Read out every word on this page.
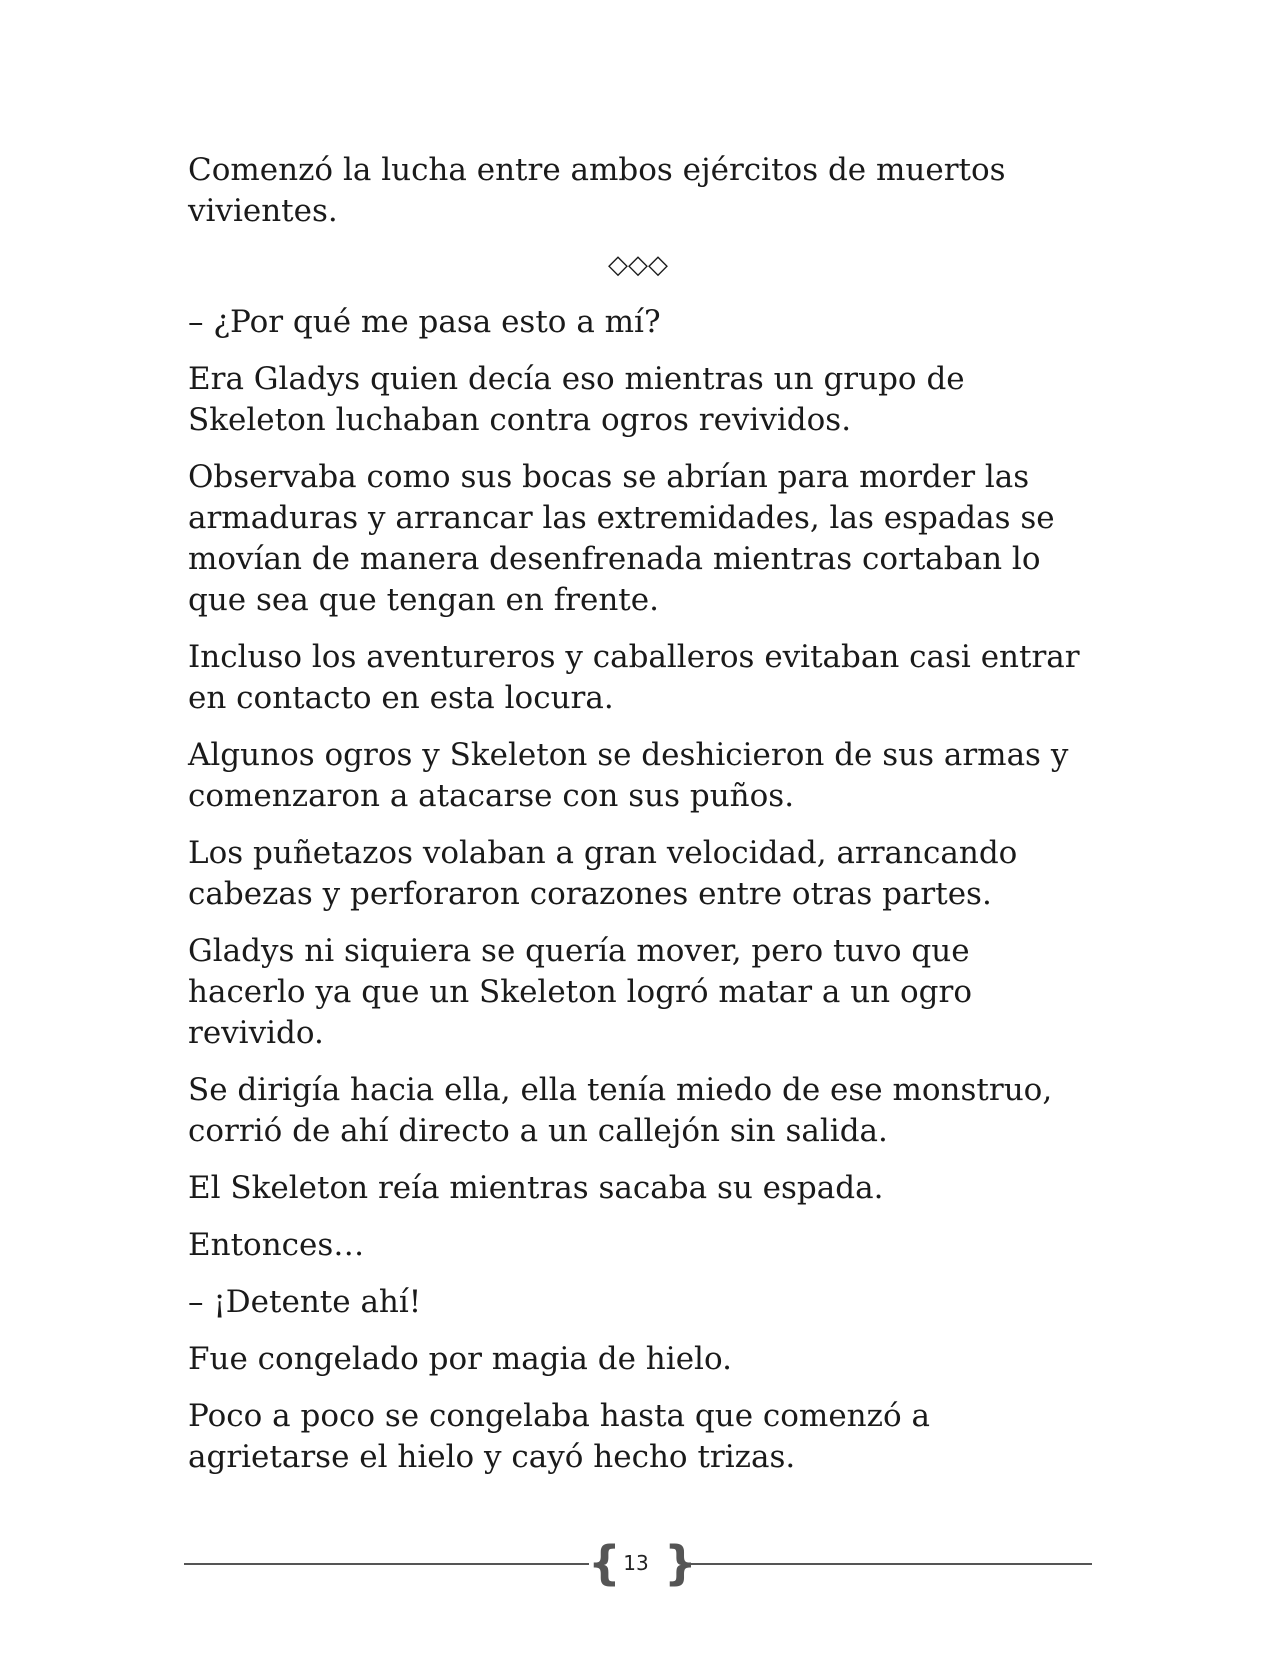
Comenzó la lucha entre ambos ejércitos de muertos vivientes.

◇◇◇

– ¿Por qué me pasa esto a mí?

Era Gladys quien decía eso mientras un grupo de Skeleton luchaban contra ogros revividos.

Observaba como sus bocas se abrían para morder las armaduras y arrancar las extremidades, las espadas se movían de manera desenfrenada mientras cortaban lo que sea que tengan en frente.

Incluso los aventureros y caballeros evitaban casi entrar en contacto en esta locura.

Algunos ogros y Skeleton se deshicieron de sus armas y comenzaron a atacarse con sus puños.

Los puñetazos volaban a gran velocidad, arrancando cabezas y perforaron corazones entre otras partes.

Gladys ni siquiera se quería mover, pero tuvo que hacerlo ya que un Skeleton logró matar a un ogro revivido.

Se dirigía hacia ella, ella tenía miedo de ese monstruo, corrió de ahí directo a un callejón sin salida.

El Skeleton reía mientras sacaba su espada.

Entonces…

– ¡Detente ahí!

Fue congelado por magia de hielo.

Poco a poco se congelaba hasta que comenzó a agrietarse el hielo y cayó hecho trizas.

{ 13 }
